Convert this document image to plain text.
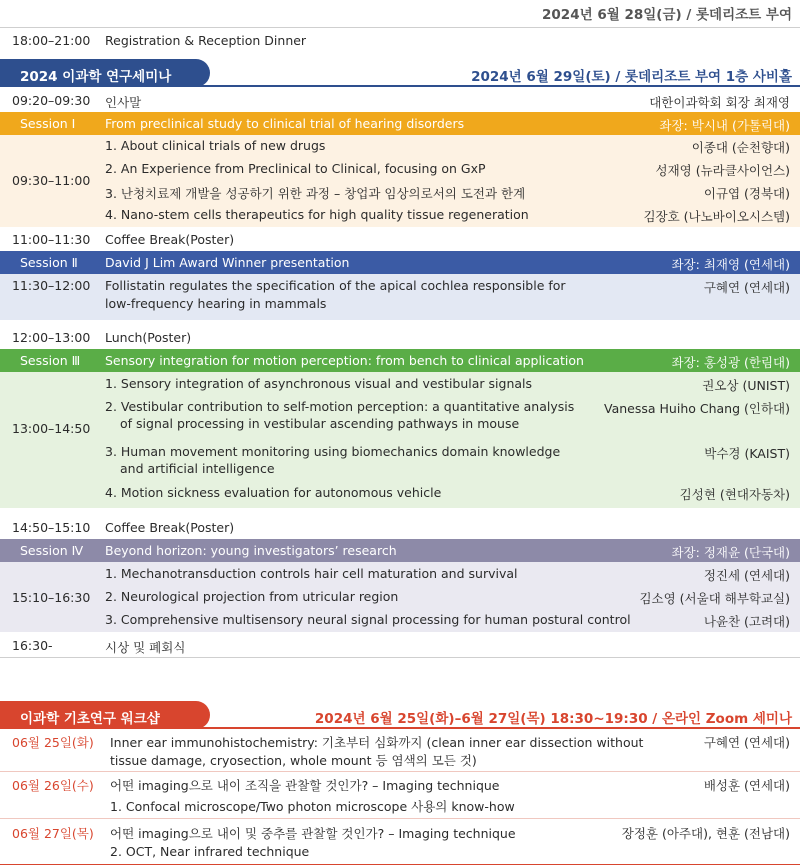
2024년 6월 28일(금) / 롯데리조트 부여
18:00–21:00 Registration & Reception Dinner
2024 이과학 연구세미나	2024년 6월 29일(토) / 롯데리조트 부여 1층 사비홀
09:20–09:30 인사말	대한이과학회 회장 최재영
Session Ⅰ From preclinical study to clinical trial of hearing disorders	좌장: 박시내 (가톨릭대)
09:30–11:00
1. About clinical trials of new drugs	이종대 (순천향대)
2. An Experience from Preclinical to Clinical, focusing on GxP	성재영 (뉴라클사이언스)
3. 난청치료제 개발을 성공하기 위한 과정 – 창업과 임상의로서의 도전과 한계	이규엽 (경북대)
4. Nano-stem cells therapeutics for high quality tissue regeneration	김장호 (나노바이오시스템)
11:00–11:30 Coffee Break(Poster)
Session Ⅱ David J Lim Award Winner presentation	좌장: 최재영 (연세대)
11:30–12:00 Follistatin regulates the specification of the apical cochlea responsible for
low-frequency hearing in mammals
구혜연 (연세대)
12:00–13:00 Lunch(Poster)
Session Ⅲ Sensory integration for motion perception: from bench to clinical application	좌장: 홍성광 (한림대)
13:00–14:50
1. Sensory integration of asynchronous visual and vestibular signals	권오상 (UNIST)
2. Vestibular contribution to self-motion perception: a quantitative analysis
of signal processing in vestibular ascending pathways in mouse
Vanessa Huiho Chang (인하대)
3. Human movement monitoring using biomechanics domain knowledge
and artificial intelligence
박수경 (KAIST)
4. Motion sickness evaluation for autonomous vehicle	김성현 (현대자동차)
14:50–15:10 Coffee Break(Poster)
Session Ⅳ Beyond horizon: young investigators’ research	좌장: 정재윤 (단국대)
15:10–16:30
1. Mechanotransduction controls hair cell maturation and survival	정진세 (연세대)
2. Neurological projection from utricular region	김소영 (서울대 해부학교실)
3. Comprehensive multisensory neural signal processing for human postural control	나윤찬 (고려대)
16:30-	시상 및 폐회식
이과학 기초연구 워크샵	2024년 6월 25일(화)–6월 27일(목) 18:30~19:30 / 온라인 Zoom 세미나
06월 25일(화) Inner ear immunohistochemistry: 기초부터 심화까지 (clean inner ear dissection without
tissue damage, cryosection, whole mount 등 염색의 모든 것)
구혜연 (연세대)
06월 26일(수) 어떤 imaging으로 내이 조직을 관찰할 것인가? – Imaging technique
1. Confocal microscope/Two photon microscope 사용의 know-how
배성훈 (연세대)
06월 27일(목) 어떤 imaging으로 내이 및 중추를 관찰할 것인가? – Imaging technique
2. OCT, Near infrared technique
장정훈 (아주대), 현훈 (전남대)
